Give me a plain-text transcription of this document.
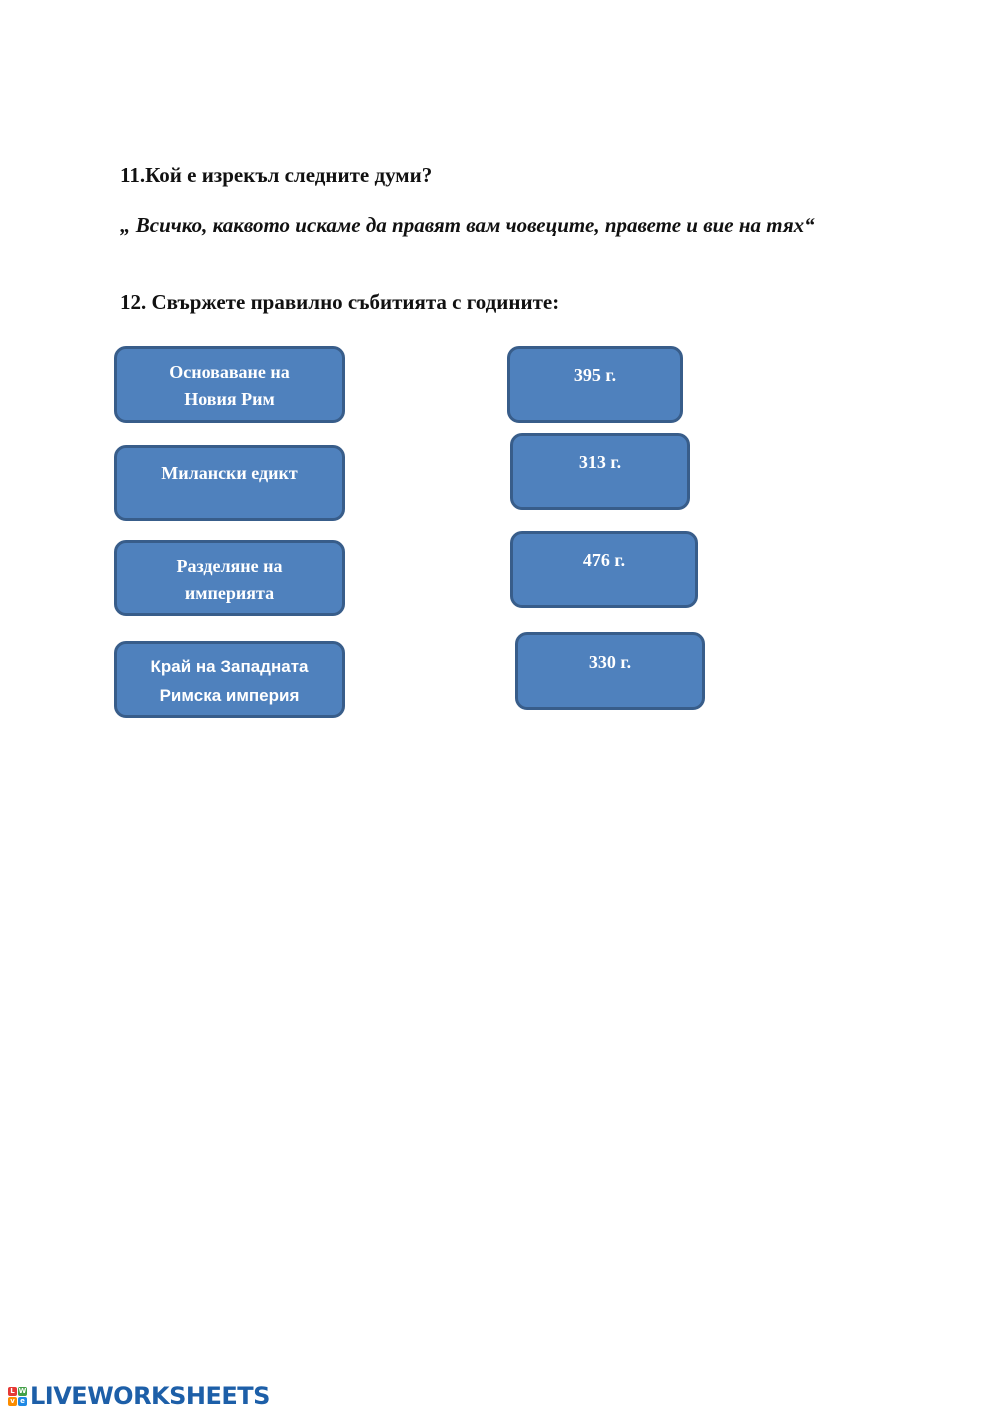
11.Кой е изрекъл следните думи?
„ Всичко, каквото искаме да правят вам човеците, правете и вие на тях“
12. Свържете правилно събитията с годините:
Основаване на
Новия Рим
Милански едикт
Разделяне на
империята
Край на Западната
Римска империя
395 г.
313 г.
476 г.
330 г.
L W
v e LIVEWORKSHEETS
